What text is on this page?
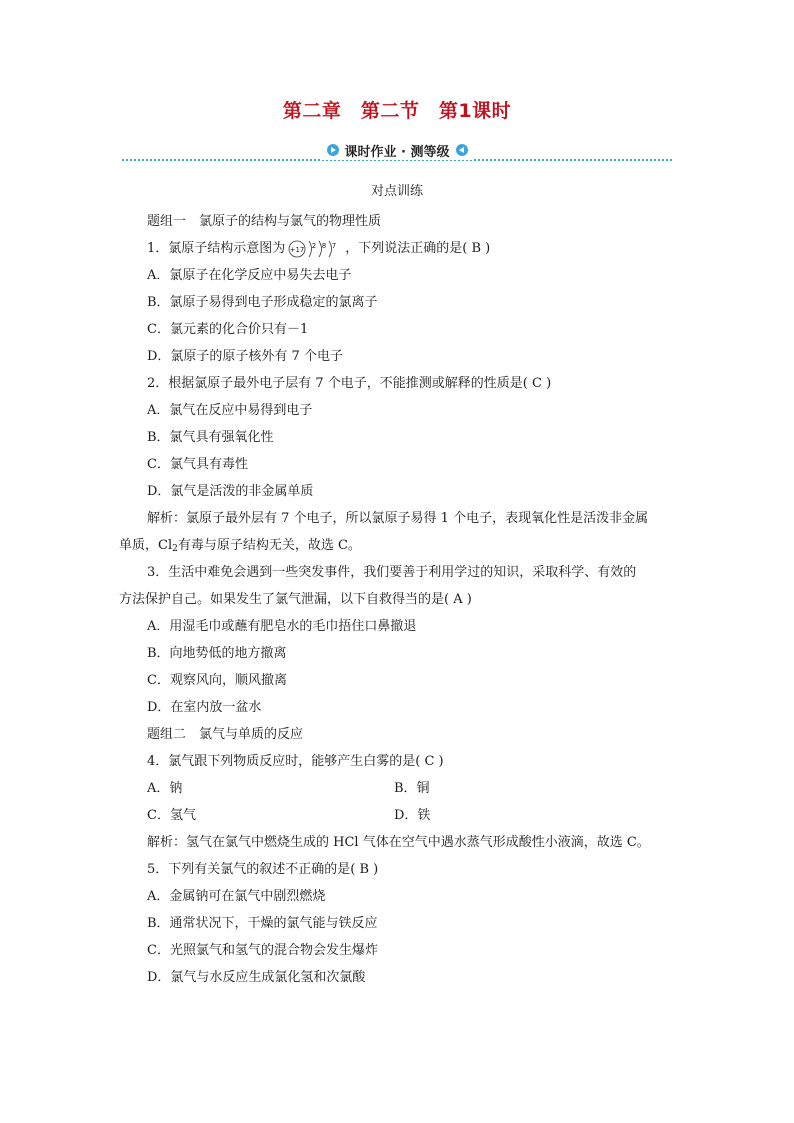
第二章　第二节　第1课时
课时作业 · 测等级
对点训练
题组一　氯原子的结构与氯气的物理性质
1．氯原子结构示意图为 +17 2 8 7 ，下列说法正确的是( B )
A．氯原子在化学反应中易失去电子
B．氯原子易得到电子形成稳定的氯离子
C．氯元素的化合价只有－1
D．氯原子的原子核外有 7 个电子
2．根据氯原子最外电子层有 7 个电子，不能推测或解释的性质是( C )
A．氯气在反应中易得到电子
B．氯气具有强氧化性
C．氯气具有毒性
D．氯气是活泼的非金属单质
解析：氯原子最外层有 7 个电子，所以氯原子易得 1 个电子，表现氧化性是活泼非金属
单质，$Cl_2$有毒与原子结构无关，故选 C。
3．生活中难免会遇到一些突发事件，我们要善于利用学过的知识，采取科学、有效的
方法保护自己。如果发生了氯气泄漏，以下自救得当的是( A )
A．用湿毛巾或蘸有肥皂水的毛巾捂住口鼻撤退
B．向地势低的地方撤离
C．观察风向，顺风撤离
D．在室内放一盆水
题组二　氯气与单质的反应
4．氯气跟下列物质反应时，能够产生白雾的是( C )
A．钠	B．铜
C．氢气	D．铁
解析：氢气在氯气中燃烧生成的 HCl 气体在空气中遇水蒸气形成酸性小液滴，故选 C。
5．下列有关氯气的叙述不正确的是( B )
A．金属钠可在氯气中剧烈燃烧
B．通常状况下，干燥的氯气能与铁反应
C．光照氯气和氢气的混合物会发生爆炸
D．氯气与水反应生成氯化氢和次氯酸
